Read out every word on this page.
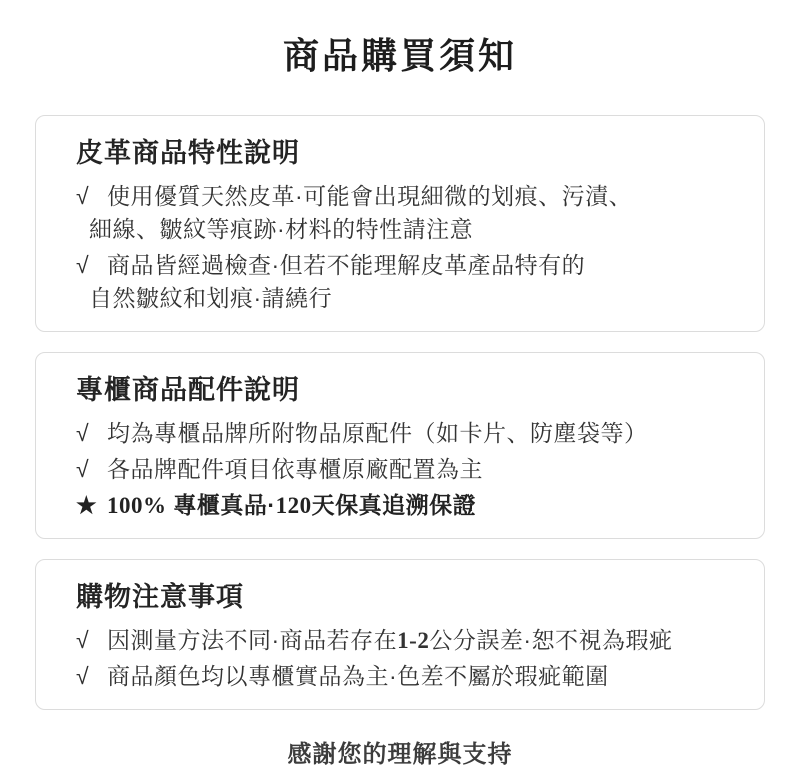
商品購買須知
皮革商品特性說明
√ 使用優質天然皮革·可能會出現細微的划痕、污漬、
細線、皺紋等痕跡·材料的特性請注意
√ 商品皆經過檢查·但若不能理解皮革產品特有的
自然皺紋和划痕·請繞行
專櫃商品配件說明
√ 均為專櫃品牌所附物品原配件（如卡片、防塵袋等）
√ 各品牌配件項目依專櫃原廠配置為主
★ 100% 專櫃真品·120天保真追溯保證
購物注意事項
√ 因測量方法不同·商品若存在1-2公分誤差·恕不視為瑕疵
√ 商品顏色均以專櫃實品為主·色差不屬於瑕疵範圍

感謝您的理解與支持
